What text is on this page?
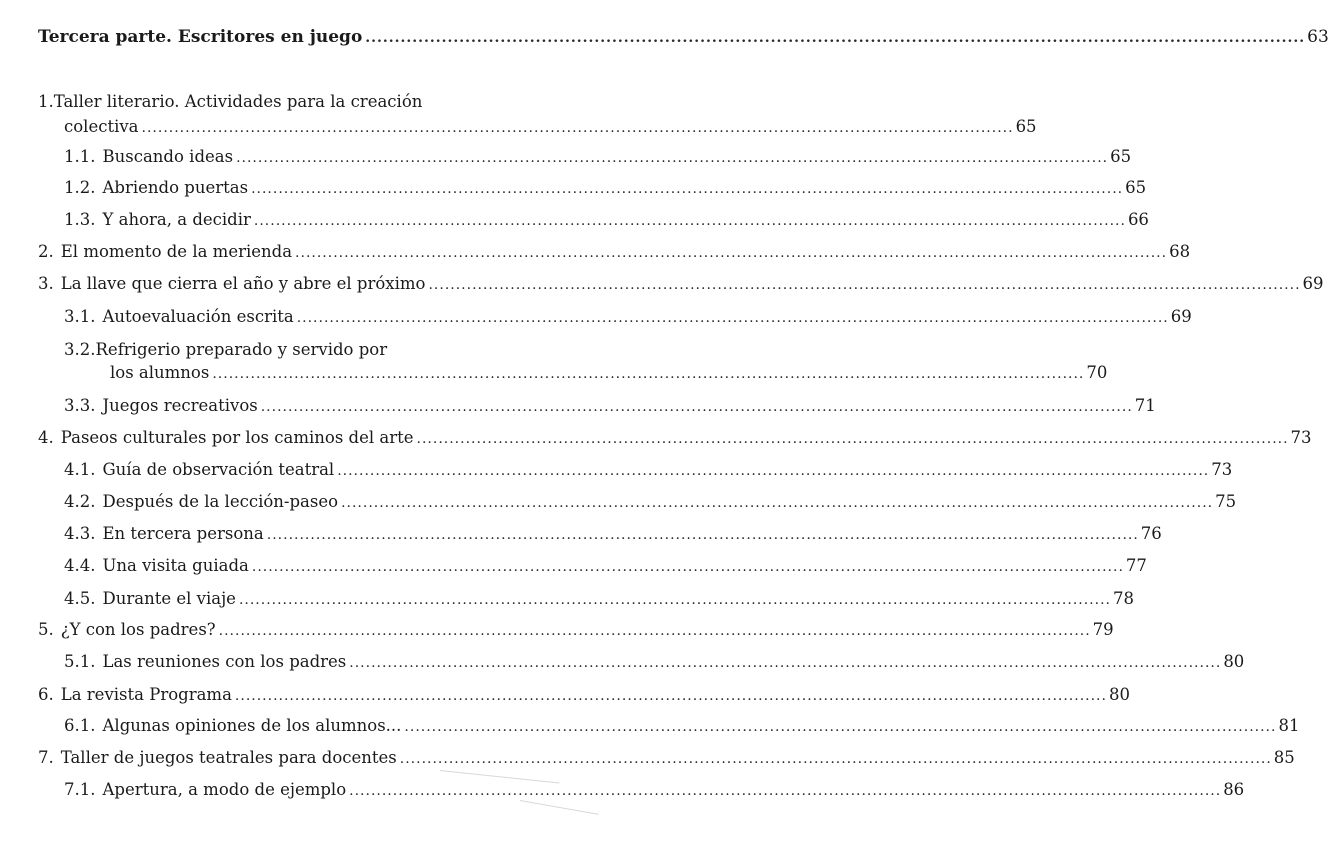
Tercera parte. Escritores en juego ................................................................................................................................................................ 63
1.Taller literario. Actividades para la creación
colectiva ................................................................................................................................................................ 65
1.1. Buscando ideas ................................................................................................................................................................ 65
1.2. Abriendo puertas ................................................................................................................................................................ 65
1.3. Y ahora, a decidir ................................................................................................................................................................ 66
2. El momento de la merienda ................................................................................................................................................................ 68
3. La llave que cierra el año y abre el próximo ................................................................................................................................................................ 69
3.1. Autoevaluación escrita ................................................................................................................................................................ 69
3.2.Refrigerio preparado y servido por
los alumnos ................................................................................................................................................................ 70
3.3. Juegos recreativos ................................................................................................................................................................ 71
4. Paseos culturales por los caminos del arte ................................................................................................................................................................ 73
4.1. Guía de observación teatral ................................................................................................................................................................ 73
4.2. Después de la lección-paseo ................................................................................................................................................................ 75
4.3. En tercera persona ................................................................................................................................................................ 76
4.4. Una visita guiada ................................................................................................................................................................ 77
4.5. Durante el viaje ................................................................................................................................................................ 78
5. ¿Y con los padres? ................................................................................................................................................................ 79
5.1. Las reuniones con los padres ................................................................................................................................................................ 80
6. La revista Programa ................................................................................................................................................................ 80
6.1. Algunas opiniones de los alumnos... ................................................................................................................................................................ 81
7. Taller de juegos teatrales para docentes ................................................................................................................................................................ 85
7.1. Apertura, a modo de ejemplo ................................................................................................................................................................ 86
